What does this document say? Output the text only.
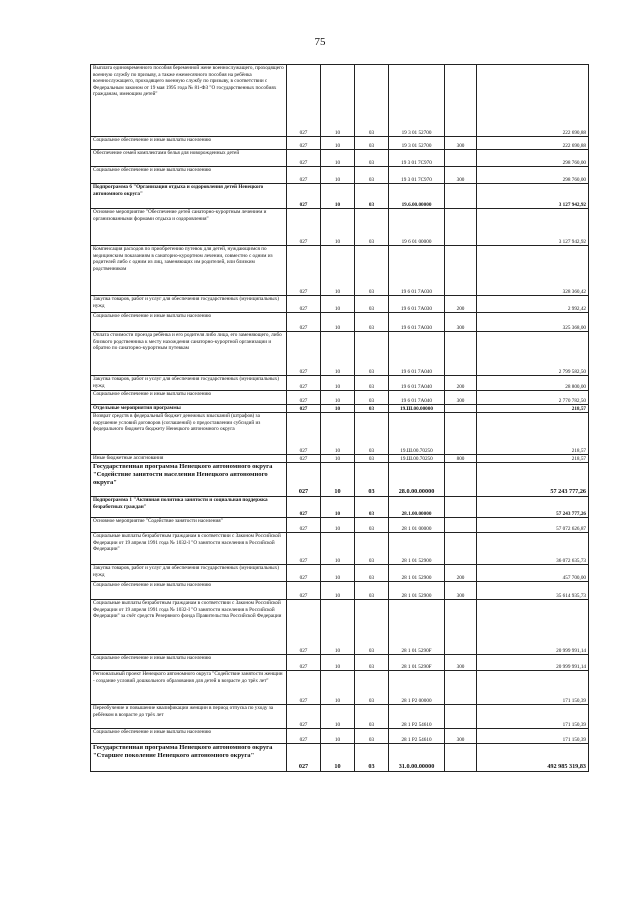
75
Выплата единовременного пособия беременной жене военнослужащего, проходящего военную службу по призыву, а также ежемесячного пособия на ребёнка военнослужащего, проходящего военную службу по призыву, в соответствии с Федеральным законом от 19 мая 1995 года № 81-ФЗ "О государственных пособиях гражданам, имеющим детей"	027	10	03	19 3 01 52700		222 690,88
Социальное обеспечение и иные выплаты населению	027	10	03	19 3 01 52700	300	222 690,88
Обеспечение семей комплектами белья для новорожденных детей	027	10	03	19 3 01 7С970		298 760,00
Социальное обеспечение и иные выплаты населению	027	10	03	19 3 01 7С970	300	298 760,00
Подпрограмма 6 "Организация отдыха и оздоровления детей Ненецкого автономного округа"	027	10	03	19.6.00.00000		3 127 942,92
Основное мероприятие "Обеспечение детей санаторно-курортным лечением и организованными формами отдыха и оздоровления"	027	10	03	19 6 01 00000		3 127 942,92
Компенсация расходов по приобретению путевок для детей, нуждающимся по медицинским показаниям в санаторно-курортном лечении, совместно с одним из родителей либо с одним из лиц, заменяющих им родителей, или близким родственником	027	10	03	19 6 01 7А030		328 360,42
Закупка товаров, работ и услуг для обеспечения государственных (муниципальных) нужд	027	10	03	19 6 01 7А030	200	2 992,42
Социальное обеспечение и иные выплаты населению	027	10	03	19 6 01 7А030	300	325 368,00
Оплата стоимости проезда ребёнка и его родителя либо лица, его заменяющего, либо близкого родственника к месту нахождения санаторно-курортной организации и обратно по санаторно-курортным путевкам	027	10	03	19 6 01 7А040		2 799 582,50
Закупка товаров, работ и услуг для обеспечения государственных (муниципальных) нужд	027	10	03	19 6 01 7А040	200	28 800,00
Социальное обеспечение и иные выплаты населению	027	10	03	19 6 01 7А040	300	2 770 782,50
Отдельные мероприятия программы	027	10	03	19.Ш.00.00000		218,57
Возврат средств в федеральный бюджет денежных взысканий (штрафов) за нарушение условий договоров (соглашений) о предоставлении субсидий из федерального бюджета бюджету Ненецкого автономного округа	027	10	03	19.Ш.00.70250		218,57
Иные бюджетные ассигнования	027	10	03	19.Ш.00.70250	800	218,57
Государственная программа Ненецкого автономного округа "Содействие занятости населения Ненецкого автономного округа"	027	10	03	28.0.00.00000		57 243 777,26
Подпрограмма 1 "Активная политика занятости и социальная поддержка безработных граждан"	027	10	03	28.1.00.00000		57 243 777,26
Основное мероприятие "Содействие занятости населения"	027	10	03	28 1 01 00000		57 072 626,87
Социальные выплаты безработным гражданам в соответствии с Законом Российской Федерации от 19 апреля 1991 года № 1032-I "О занятости населения в Российской Федерации"	027	10	03	28 1 01 52900		36 072 635,73
Закупка товаров, работ и услуг для обеспечения государственных (муниципальных) нужд	027	10	03	28 1 01 52900	200	457 700,00
Социальное обеспечение и иные выплаты населению	027	10	03	28 1 01 52900	300	35 614 935,73
Социальные выплаты безработным гражданам в соответствии с Законом Российской Федерации от 19 апреля 1991 года № 1032-I "О занятости населения в Российской Федерации" за счёт средств Резервного фонда Правительства Российской Федерации	027	10	03	28 1 01 5290F		20 999 991,14
Социальное обеспечение и иные выплаты населению	027	10	03	28 1 01 5290F	300	20 999 991,14
Региональный проект Ненецкого автономного округа "Содействие занятости женщин - создание условий дошкольного образования для детей в возрасте до трёх лет"	027	10	03	28 1 Р2 00000		171 150,39
Переобучение и повышение квалификации женщин в период отпуска по уходу за ребёнком в возрасте до трёх лет	027	10	03	28 1 Р2 54610		171 150,39
Социальное обеспечение и иные выплаты населению	027	10	03	28 1 Р2 54610	300	171 150,39
Государственная программа Ненецкого автономного округа "Старшее поколение Ненецкого автономного округа"	027	10	03	31.0.00.00000		492 985 319,83
